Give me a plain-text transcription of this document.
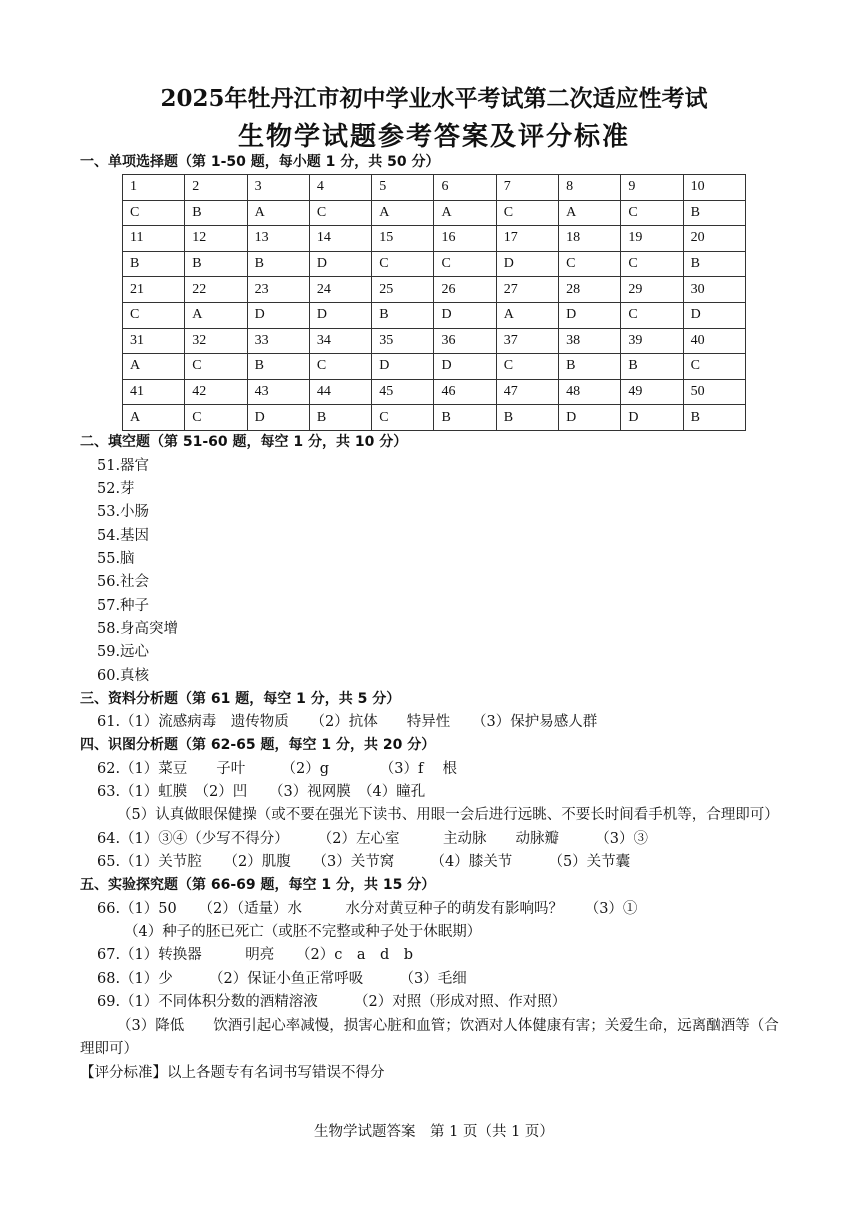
2025年牡丹江市初中学业水平考试第二次适应性考试
生物学试题参考答案及评分标准
一、单项选择题（第 1-50 题，每小题 1 分，共 50 分）
1	2	3	4	5	6	7	8	9	10
C	B	A	C	A	A	C	A	C	B
11	12	13	14	15	16	17	18	19	20
B	B	B	D	C	C	D	C	C	B
21	22	23	24	25	26	27	28	29	30
C	A	D	D	B	D	A	D	C	D
31	32	33	34	35	36	37	38	39	40
A	C	B	C	D	D	C	B	B	C
41	42	43	44	45	46	47	48	49	50
A	C	D	B	C	B	B	D	D	B
二、填空题（第 51-60 题，每空 1 分，共 10 分）
51.器官
52.芽
53.小肠
54.基因
55.脑
56.社会
57.种子
58.身高突增
59.远心
60.真核
三、资料分析题（第 61 题，每空 1 分，共 5 分）
61.（1）流感病毒　遗传物质　　（2）抗体　　特异性　　（3）保护易感人群
四、识图分析题（第 62-65 题，每空 1 分，共 20 分）
62.（1）菜豆　　子叶　　　（2）g　　　　（3）f　 根
63.（1）虹膜　（2）凹　　（3）视网膜　（4）瞳孔
（5）认真做眼保健操（或不要在强光下读书、用眼一会后进行远眺、不要长时间看手机等，合理即可）
64.（1）③④（少写不得分）　　　（2）左心室　　　主动脉　　动脉瓣　　　（3）③
65.（1）关节腔　　（2）肌腹　　（3）关节窝　　　（4）膝关节　　　（5）关节囊
五、实验探究题（第 66-69 题，每空 1 分，共 15 分）
66.（1）50　　（2）（适量）水　　　水分对黄豆种子的萌发有影响吗？　　（3）①
（4）种子的胚已死亡（或胚不完整或种子处于休眠期）
67.（1）转换器　　　明亮　　（2）c　a　d　b
68.（1）少　　　（2）保证小鱼正常呼吸　　　（3）毛细
69.（1）不同体积分数的酒精溶液　　　（2）对照（形成对照、作对照）
（3）降低　　饮酒引起心率减慢，损害心脏和血管；饮酒对人体健康有害；关爱生命，远离酗酒等（合
理即可）
【评分标准】以上各题专有名词书写错误不得分
生物学试题答案　第 1 页（共 1 页）
